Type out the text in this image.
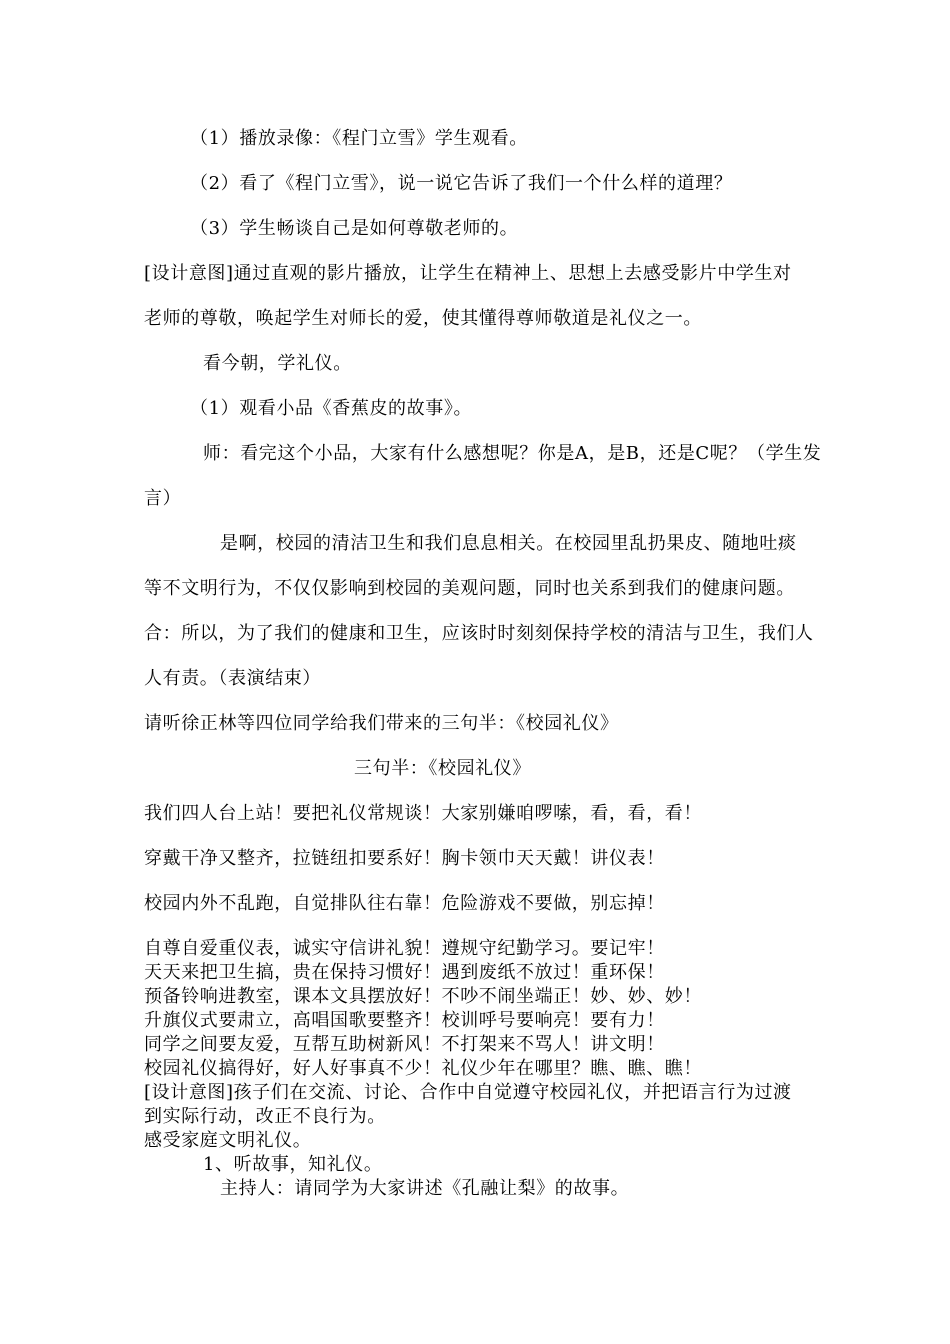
（1）播放录像：《程门立雪》学生观看。
（2）看了《程门立雪》，说一说它告诉了我们一个什么样的道理？
（3）学生畅谈自己是如何尊敬老师的。
[设计意图]通过直观的影片播放，让学生在精神上、思想上去感受影片中学生对
老师的尊敬，唤起学生对师长的爱，使其懂得尊师敬道是礼仪之一。
看今朝，学礼仪。
（1）观看小品《香蕉皮的故事》。
师：看完这个小品，大家有什么感想呢？你是A，是B，还是C呢？（学生发
言）
是啊，校园的清洁卫生和我们息息相关。在校园里乱扔果皮、随地吐痰
等不文明行为，不仅仅影响到校园的美观问题，同时也关系到我们的健康问题。
合：所以，为了我们的健康和卫生，应该时时刻刻保持学校的清洁与卫生，我们人
人有责。（表演结束）
请听徐正林等四位同学给我们带来的三句半：《校园礼仪》
三句半：《校园礼仪》
我们四人台上站！要把礼仪常规谈！大家别嫌咱啰嗦，看，看，看！
穿戴干净又整齐，拉链纽扣要系好！胸卡领巾天天戴！讲仪表！
校园内外不乱跑，自觉排队往右靠！危险游戏不要做，别忘掉！
自尊自爱重仪表，诚实守信讲礼貌！遵规守纪勤学习。要记牢！
天天来把卫生搞，贵在保持习惯好！遇到废纸不放过！重环保！
预备铃响进教室，课本文具摆放好！不吵不闹坐端正！妙、妙、妙！
升旗仪式要肃立，高唱国歌要整齐！校训呼号要响亮！要有力！
同学之间要友爱，互帮互助树新风！不打架来不骂人！讲文明！
校园礼仪搞得好，好人好事真不少！礼仪少年在哪里？瞧、瞧、瞧！
[设计意图]孩子们在交流、讨论、合作中自觉遵守校园礼仪，并把语言行为过渡
到实际行动，改正不良行为。
感受家庭文明礼仪。
1、听故事，知礼仪。
主持人：请同学为大家讲述《孔融让梨》的故事。
